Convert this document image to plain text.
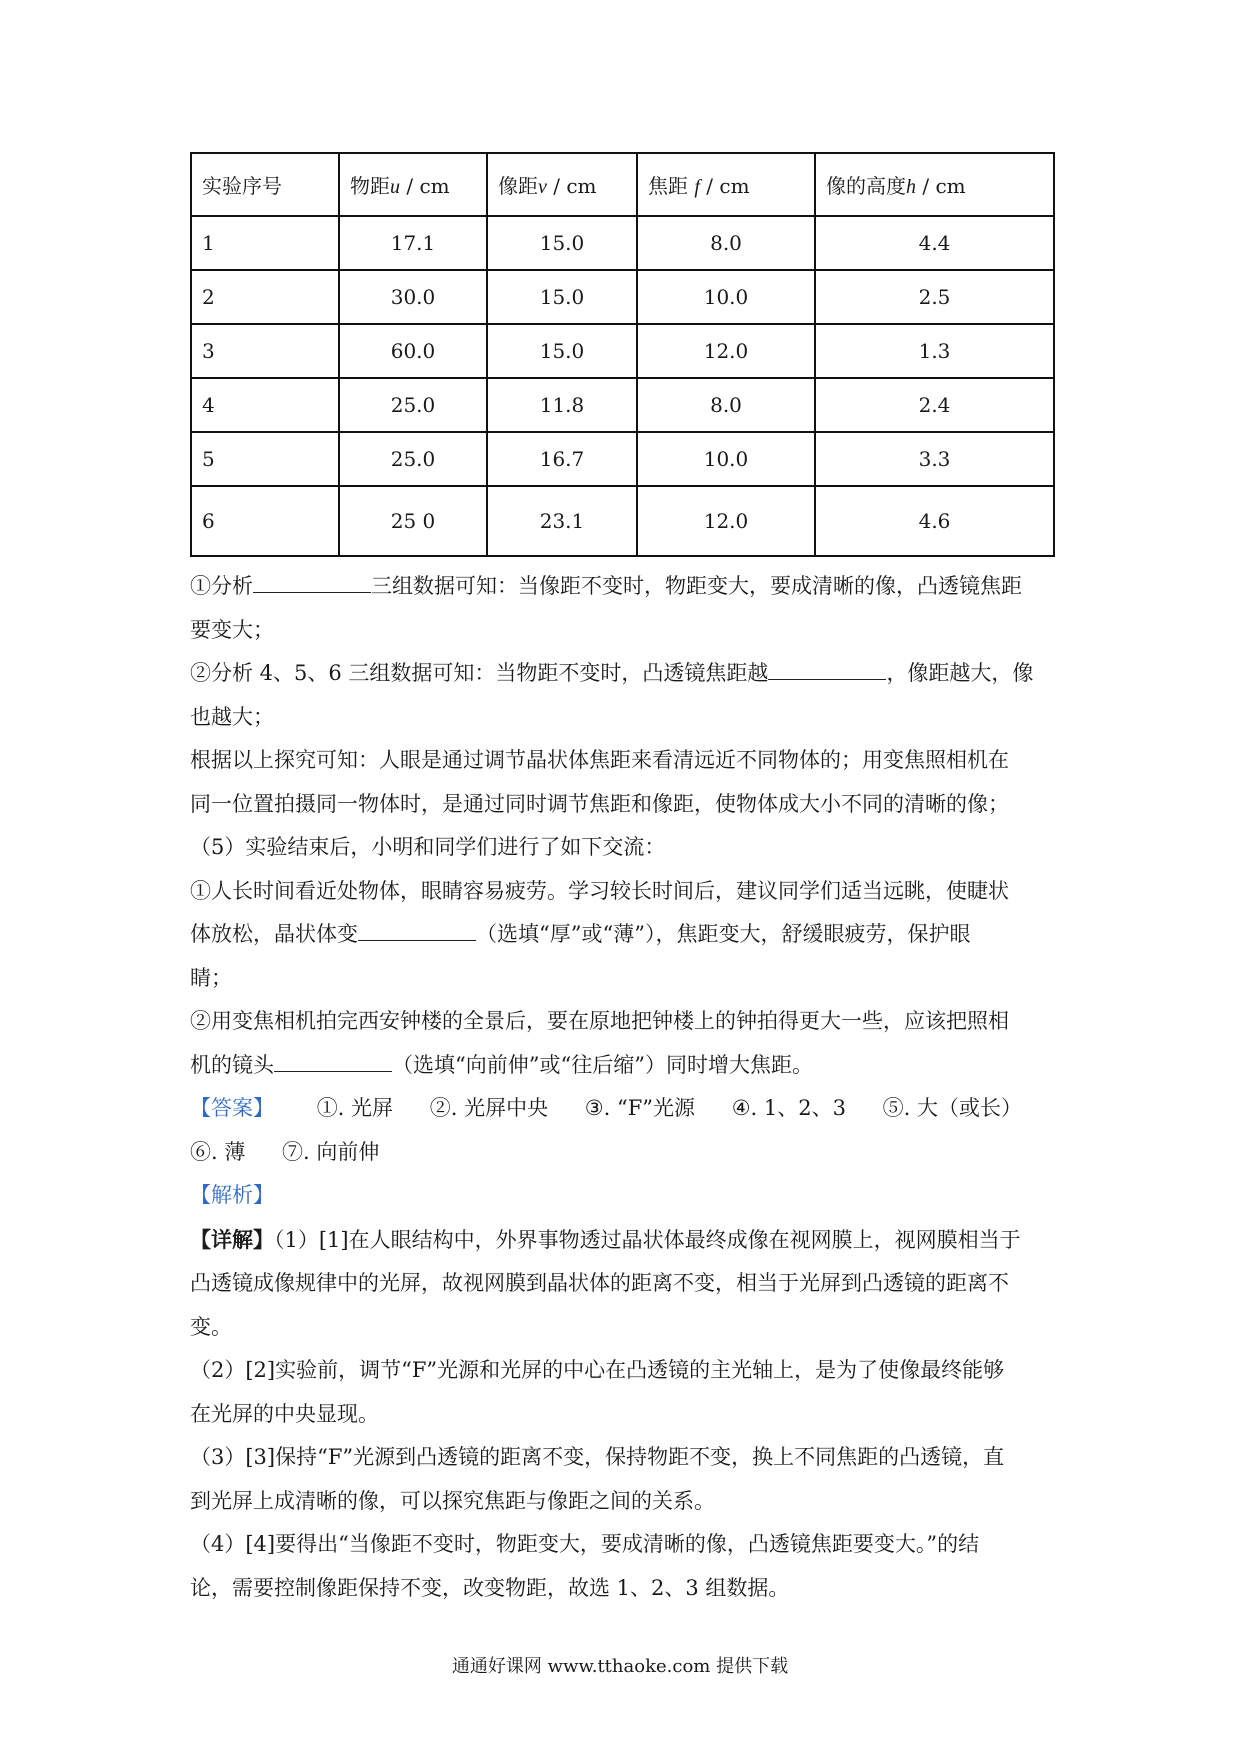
实验序号	物距u / cm	像距v / cm	焦距 f / cm	像的高度h / cm
1	17.1	15.0	8.0	4.4
2	30.0	15.0	10.0	2.5
3	60.0	15.0	12.0	1.3
4	25.0	11.8	8.0	2.4
5	25.0	16.7	10.0	3.3
6	25 0	23.1	12.0	4.6

①分析	三组数据可知：当像距不变时，物距变大，要成清晰的像，凸透镜焦距

要变大；

②分析 4、5、6 三组数据可知：当物距不变时，凸透镜焦距越	，像距越大，像

也越大；

根据以上探究可知：人眼是通过调节晶状体焦距来看清远近不同物体的；用变焦照相机在

同一位置拍摄同一物体时，是通过同时调节焦距和像距，使物体成大小不同的清晰的像；

（5）实验结束后，小明和同学们进行了如下交流：

①人长时间看近处物体，眼睛容易疲劳。学习较长时间后，建议同学们适当远眺，使睫状

体放松，晶状体变	（选填“厚”或“薄”），焦距变大，舒缓眼疲劳，保护眼

睛；

②用变焦相机拍完西安钟楼的全景后，要在原地把钟楼上的钟拍得更大一些，应该把照相

机的镜头	（选填“向前伸”或“往后缩”）同时增大焦距。

【答案】 ①. 光屏 ②. 光屏中央 ③. “F”光源 ④. 1、2、3 ⑤. 大（或长）

⑥. 薄 ⑦. 向前伸

【解析】

【详解】（1）[1]在人眼结构中，外界事物透过晶状体最终成像在视网膜上，视网膜相当于

凸透镜成像规律中的光屏，故视网膜到晶状体的距离不变，相当于光屏到凸透镜的距离不

变。

（2）[2]实验前，调节“F”光源和光屏的中心在凸透镜的主光轴上，是为了使像最终能够

在光屏的中央显现。

（3）[3]保持“F”光源到凸透镜的距离不变，保持物距不变，换上不同焦距的凸透镜，直

到光屏上成清晰的像，可以探究焦距与像距之间的关系。

（4）[4]要得出“当像距不变时，物距变大，要成清晰的像，凸透镜焦距要变大。”的结

论，需要控制像距保持不变，改变物距，故选 1、2、3 组数据。

通通好课网 www.tthaoke.com 提供下载
